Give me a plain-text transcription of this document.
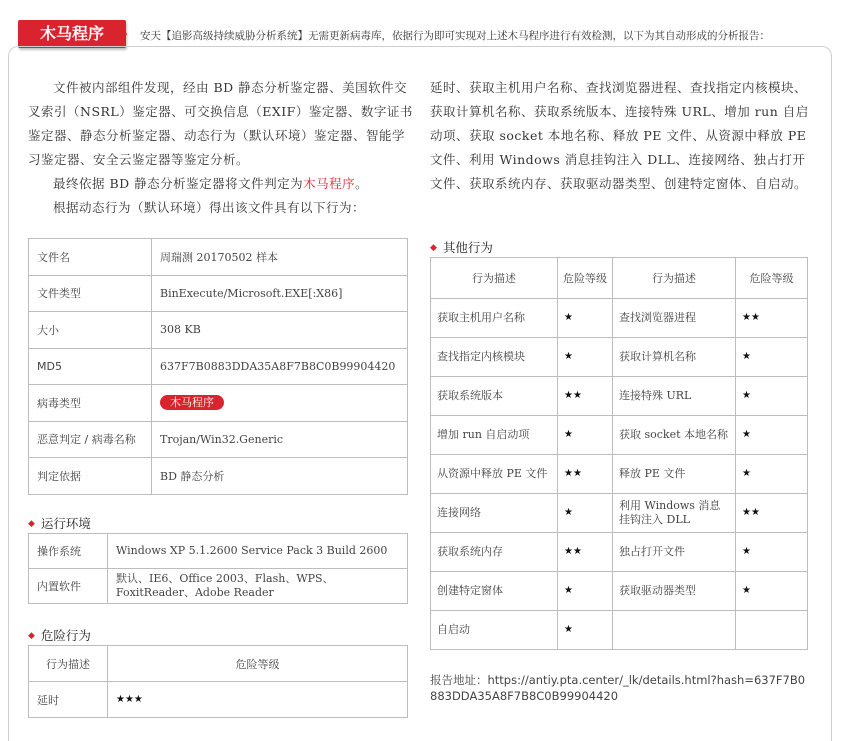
木马程序	安天【追影高级持续威胁分析系统】无需更新病毒库，依据行为即可实现对上述木马程序进行有效检测，以下为其自动形成的分析报告：

文件被内部组件发现，经由 BD 静态分析鉴定器、美国软件交叉索引（NSRL）鉴定器、可交换信息（EXIF）鉴定器、数字证书鉴定器、静态分析鉴定器、动态行为（默认环境）鉴定器、智能学习鉴定器、安全云鉴定器等鉴定分析。

最终依据 BD 静态分析鉴定器将文件判定为木马程序。

根据动态行为（默认环境）得出该文件具有以下行为：

延时、获取主机用户名称、查找浏览器进程、查找指定内核模块、获取计算机名称、获取系统版本、连接特殊 URL、增加 run 自启动项、获取 socket 本地名称、释放 PE 文件、从资源中释放 PE 文件、利用 Windows 消息挂钩注入 DLL、连接网络、独占打开文件、获取系统内存、获取驱动器类型、创建特定窗体、自启动。
文件名	周瑞测 20170502 样本
文件类型	BinExecute/Microsoft.EXE[:X86]
大小	308 KB
MD5	637F7B0883DDA35A8F7B8C0B99904420
病毒类型	木马程序
恶意判定 / 病毒名称	Trojan/Win32.Generic
判定依据	BD 静态分析
◆ 运行环境
操作系统	Windows XP 5.1.2600 Service Pack 3 Build 2600
内置软件	默认、IE6、Office 2003、Flash、WPS、FoxitReader、Adobe Reader
◆ 危险行为
行为描述	危险等级
延时	★★★
◆ 其他行为
行为描述	危险等级	行为描述	危险等级
获取主机用户名称	★	查找浏览器进程	★★
查找指定内核模块	★	获取计算机名称	★
获取系统版本	★★	连接特殊 URL	★
增加 run 自启动项	★	获取 socket 本地名称	★
从资源中释放 PE 文件	★★	释放 PE 文件	★
连接网络	★	利用 Windows 消息挂钩注入 DLL	★★
获取系统内存	★★	独占打开文件	★
创建特定窗体	★	获取驱动器类型	★
自启动	★		
报告地址：https://antiy.pta.center/_lk/details.html?hash=637F7B0883DDA35A8F7B8C0B99904420
